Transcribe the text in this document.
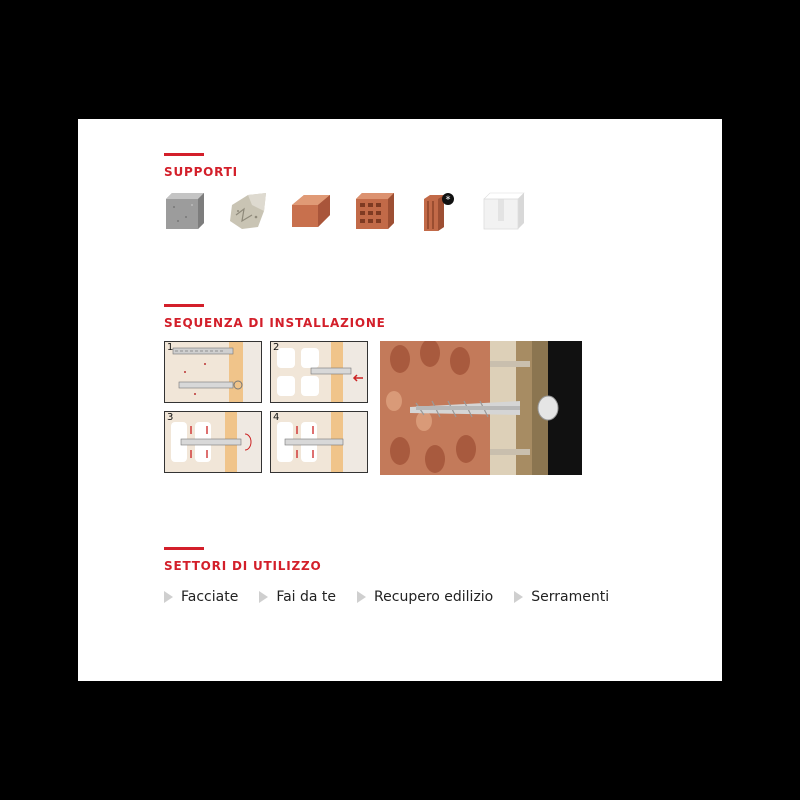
SUPPORTI
*
SEQUENZA DI INSTALLAZIONE
1	2
3	4
SETTORI DI UTILIZZO
Facciate	Fai da te	Recupero edilizio	Serramenti
